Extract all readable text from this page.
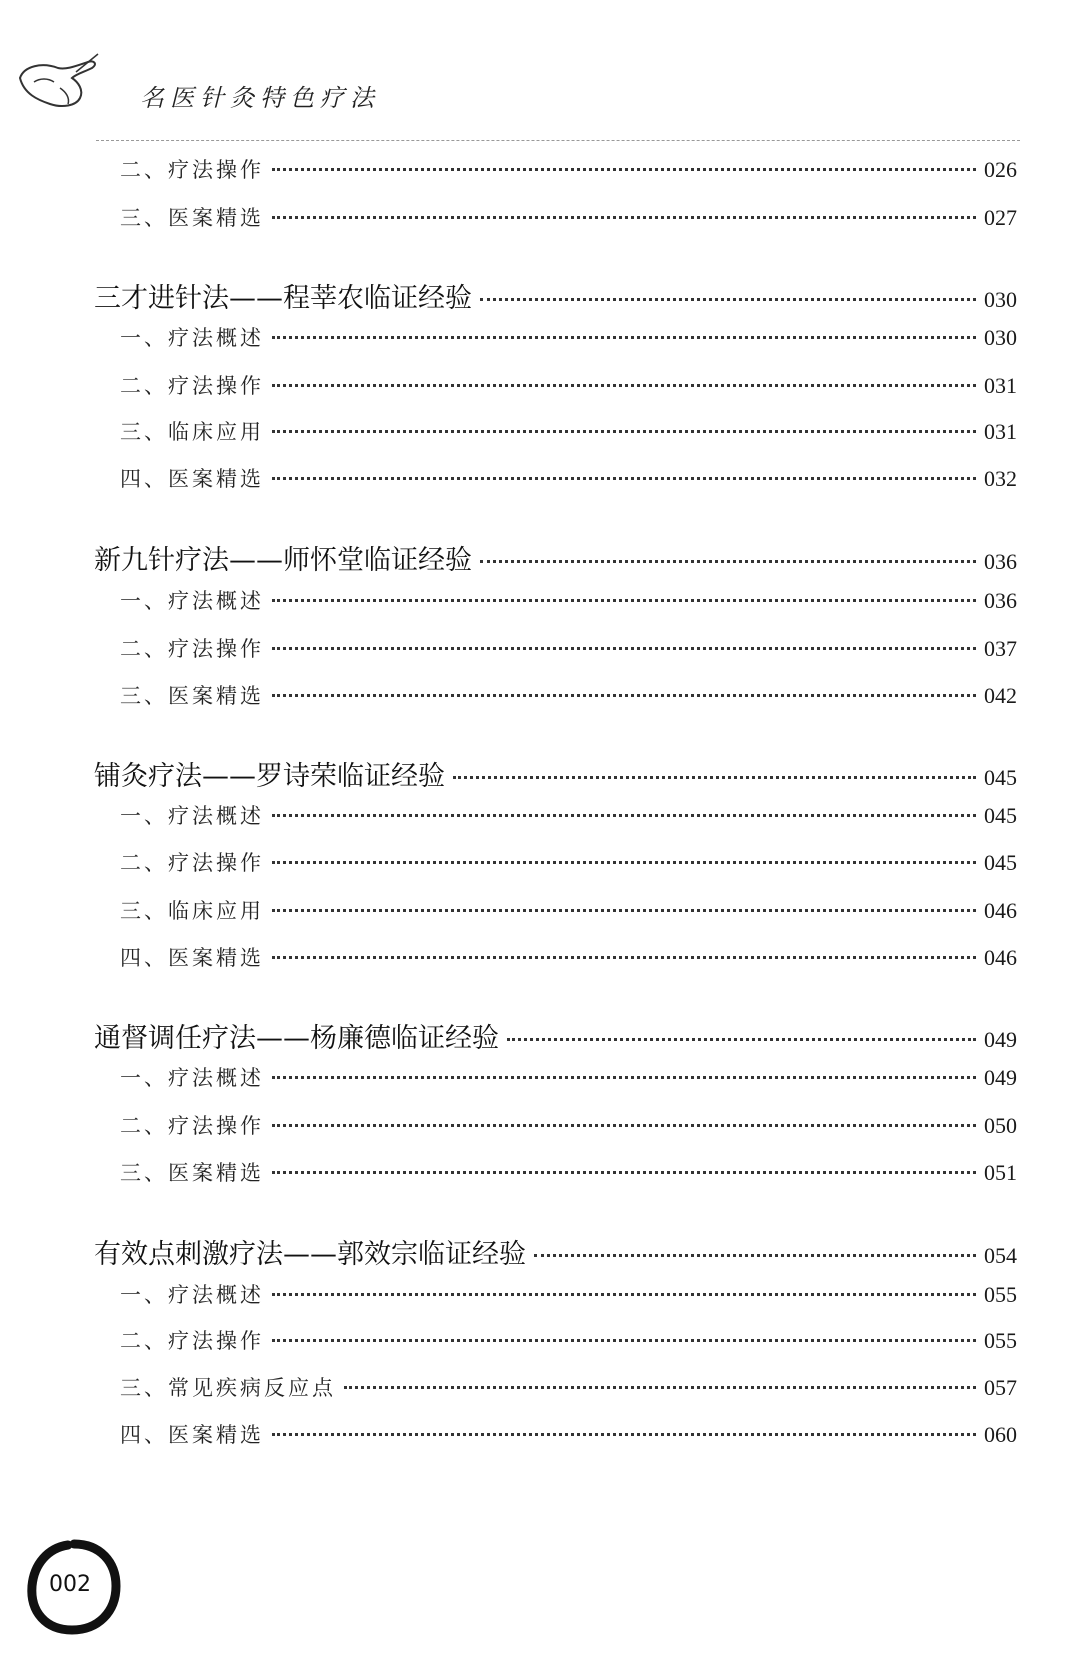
名医针灸特色疗法
二、疗法操作	026
三、医案精选	027
三才进针法——程莘农临证经验	030
一、疗法概述	030
二、疗法操作	031
三、临床应用	031
四、医案精选	032
新九针疗法——师怀堂临证经验	036
一、疗法概述	036
二、疗法操作	037
三、医案精选	042
铺灸疗法——罗诗荣临证经验	045
一、疗法概述	045
二、疗法操作	045
三、临床应用	046
四、医案精选	046
通督调任疗法——杨廉德临证经验	049
一、疗法概述	049
二、疗法操作	050
三、医案精选	051
有效点刺激疗法——郭效宗临证经验	054
一、疗法概述	055
二、疗法操作	055
三、常见疾病反应点	057
四、医案精选	060
002
